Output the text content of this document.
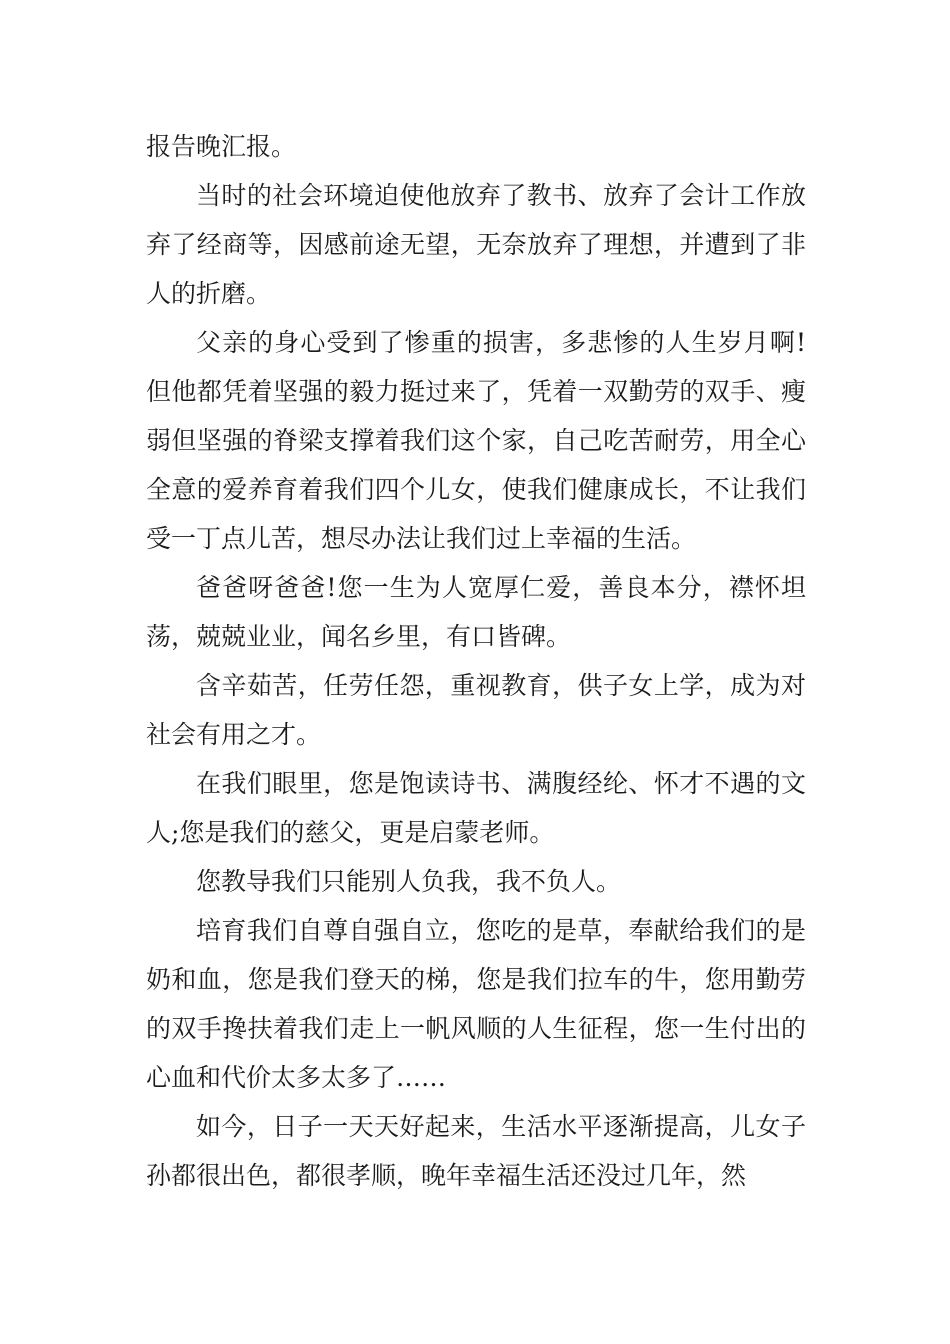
报告晚汇报。

当时的社会环境迫使他放弃了教书、放弃了会计工作放弃了经商等，因感前途无望，无奈放弃了理想，并遭到了非人的折磨。

父亲的身心受到了惨重的损害，多悲惨的人生岁月啊!但他都凭着坚强的毅力挺过来了，凭着一双勤劳的双手、瘦弱但坚强的脊梁支撑着我们这个家，自己吃苦耐劳，用全心全意的爱养育着我们四个儿女，使我们健康成长，不让我们受一丁点儿苦，想尽办法让我们过上幸福的生活。

爸爸呀爸爸!您一生为人宽厚仁爱，善良本分，襟怀坦荡，兢兢业业，闻名乡里，有口皆碑。

含辛茹苦，任劳任怨，重视教育，供子女上学，成为对社会有用之才。

在我们眼里，您是饱读诗书、满腹经纶、怀才不遇的文人;您是我们的慈父，更是启蒙老师。

您教导我们只能别人负我，我不负人。

培育我们自尊自强自立，您吃的是草，奉献给我们的是奶和血，您是我们登天的梯，您是我们拉车的牛，您用勤劳的双手搀扶着我们走上一帆风顺的人生征程，您一生付出的心血和代价太多太多了……

如今，日子一天天好起来，生活水平逐渐提高，儿女子孙都很出色，都很孝顺，晚年幸福生活还没过几年，然
